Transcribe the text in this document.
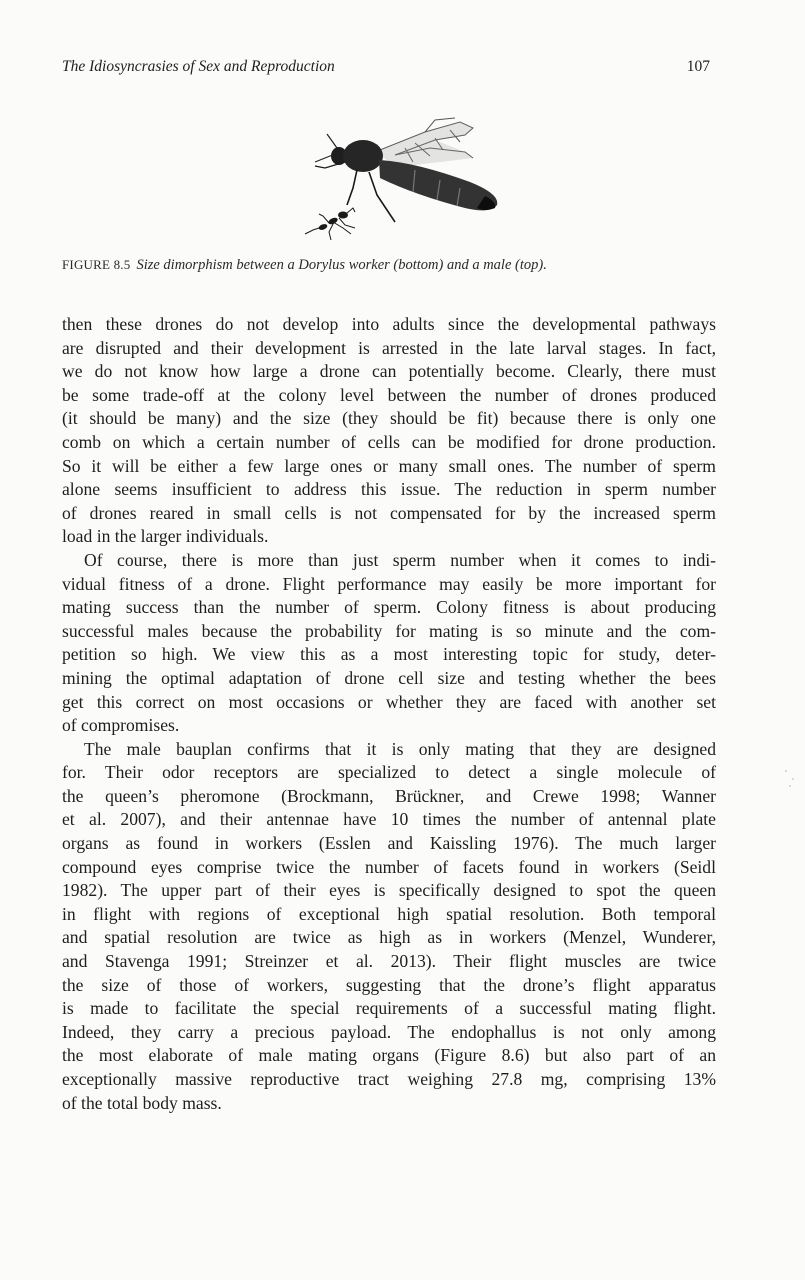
The Idiosyncrasies of Sex and Reproduction	107
FIGURE 8.5 Size dimorphism between a Dorylus worker (bottom) and a male (top).
then these drones do not develop into adults since the developmental pathways
are disrupted and their development is arrested in the late larval stages. In fact,
we do not know how large a drone can potentially become. Clearly, there must
be some trade-off at the colony level between the number of drones produced
(it should be many) and the size (they should be fit) because there is only one
comb on which a certain number of cells can be modified for drone production.
So it will be either a few large ones or many small ones. The number of sperm
alone seems insufficient to address this issue. The reduction in sperm number
of drones reared in small cells is not compensated for by the increased sperm
load in the larger individuals.
Of course, there is more than just sperm number when it comes to indi-
vidual fitness of a drone. Flight performance may easily be more important for
mating success than the number of sperm. Colony fitness is about producing
successful males because the probability for mating is so minute and the com-
petition so high. We view this as a most interesting topic for study, deter-
mining the optimal adaptation of drone cell size and testing whether the bees
get this correct on most occasions or whether they are faced with another set
of compromises.
The male bauplan confirms that it is only mating that they are designed
for. Their odor receptors are specialized to detect a single molecule of
the queen’s pheromone (Brockmann, Brückner, and Crewe 1998; Wanner
et al. 2007), and their antennae have 10 times the number of antennal plate
organs as found in workers (Esslen and Kaissling 1976). The much larger
compound eyes comprise twice the number of facets found in workers (Seidl
1982). The upper part of their eyes is specifically designed to spot the queen
in flight with regions of exceptional high spatial resolution. Both temporal
and spatial resolution are twice as high as in workers (Menzel, Wunderer,
and Stavenga 1991; Streinzer et al. 2013). Their flight muscles are twice
the size of those of workers, suggesting that the drone’s flight apparatus
is made to facilitate the special requirements of a successful mating flight.
Indeed, they carry a precious payload. The endophallus is not only among
the most elaborate of male mating organs (Figure 8.6) but also part of an
exceptionally massive reproductive tract weighing 27.8 mg, comprising 13%
of the total body mass.
